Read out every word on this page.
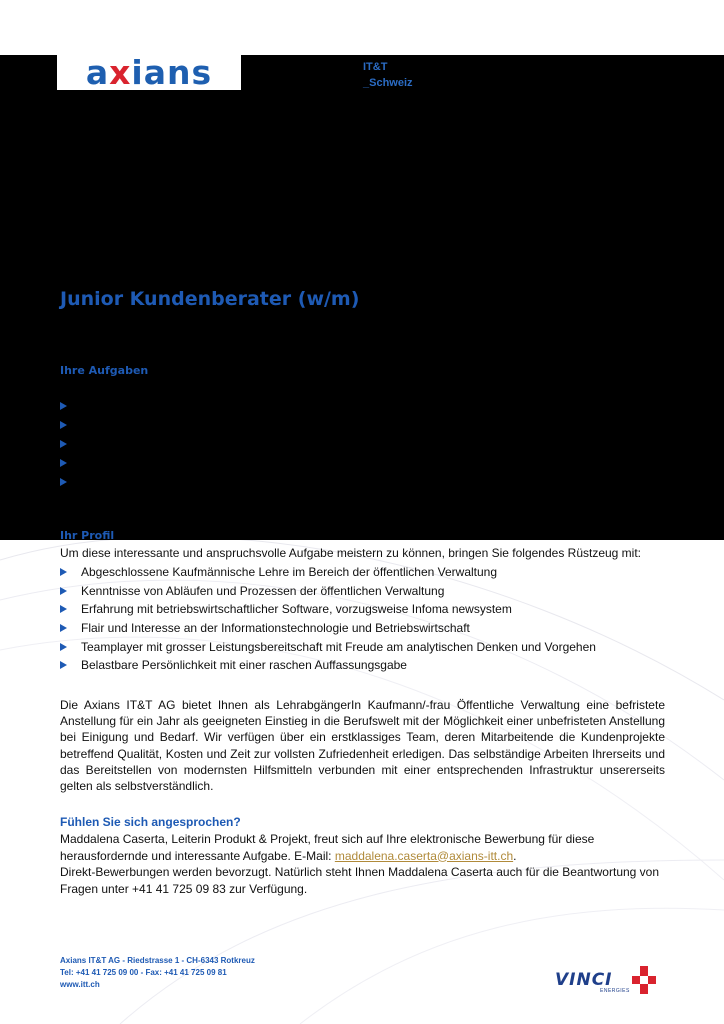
axians	IT&T
_Schweiz
Junior Kundenberater (w/m)
Ihre Aufgaben
Ihr Profil
Um diese interessante und anspruchsvolle Aufgabe meistern zu können, bringen Sie folgendes Rüstzeug mit:
Abgeschlossene Kaufmännische Lehre im Bereich der öffentlichen Verwaltung
Kenntnisse von Abläufen und Prozessen der öffentlichen Verwaltung
Erfahrung mit betriebswirtschaftlicher Software, vorzugsweise Infoma newsystem
Flair und Interesse an der Informationstechnologie und Betriebswirtschaft
Teamplayer mit grosser Leistungsbereitschaft mit Freude am analytischen Denken und Vorgehen
Belastbare Persönlichkeit mit einer raschen Auffassungsgabe

Die Axians IT&T AG bietet Ihnen als LehrabgängerIn Kaufmann/-frau Öffentliche Verwaltung eine befristete Anstellung für ein Jahr als geeigneten Einstieg in die Berufswelt mit der Möglichkeit einer unbefristeten Anstellung bei Einigung und Bedarf. Wir verfügen über ein erstklassiges Team, deren Mitarbeitende die Kundenprojekte betreffend Qualität, Kosten und Zeit zur vollsten Zufriedenheit erledigen. Das selbständige Arbeiten Ihrerseits und das Bereitstellen von modernsten Hilfsmitteln verbunden mit einer entsprechenden Infrastruktur unsererseits gelten als selbstverständlich.

Fühlen Sie sich angesprochen?
Maddalena Caserta, Leiterin Produkt & Projekt, freut sich auf Ihre elektronische Bewerbung für diese herausfordernde und interessante Aufgabe. E-Mail: maddalena.caserta@axians-itt.ch.
Direkt-Bewerbungen werden bevorzugt. Natürlich steht Ihnen Maddalena Caserta auch für die Beantwortung von Fragen unter +41 41 725 09 83 zur Verfügung.
Axians IT&T AG - Riedstrasse 1 - CH-6343 Rotkreuz
Tel: +41 41 725 09 00 - Fax: +41 41 725 09 81
www.itt.ch	VINCI
ENERGIES
